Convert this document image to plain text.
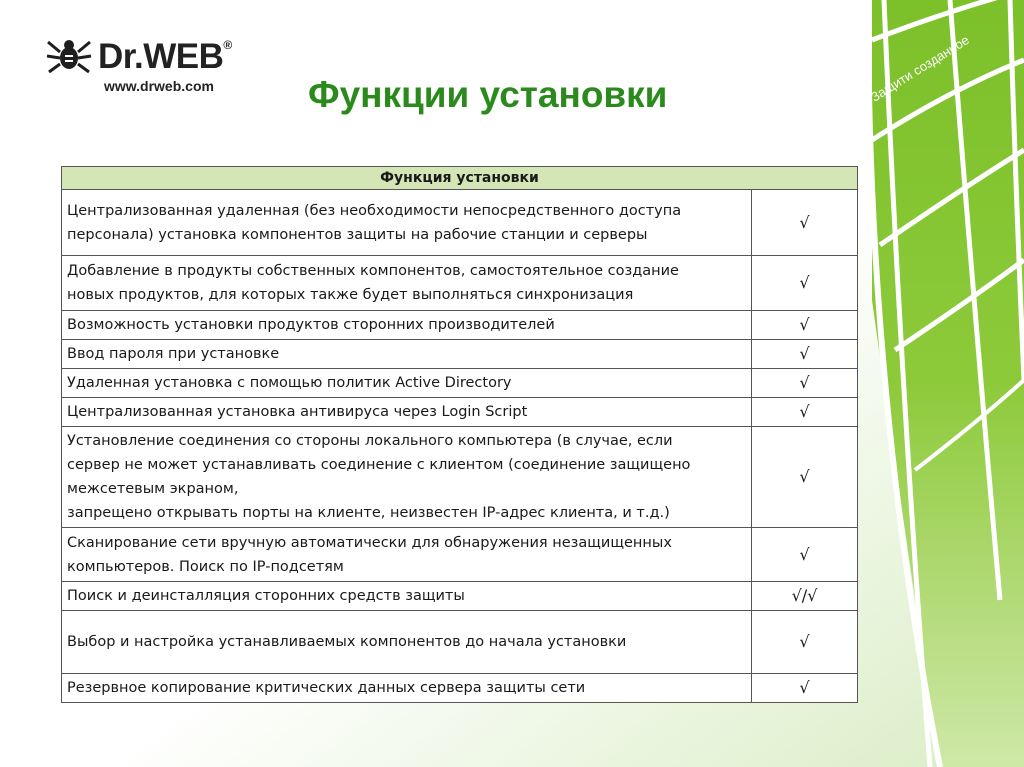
Dr.WEB®
www.drweb.com	Функции установки	Защити созданное
Функция установки	
Централизованная удаленная (без необходимости непосредственного доступа
персонала) установка компонентов защиты на рабочие станции и серверы	√
Добавление в продукты собственных компонентов, самостоятельное создание
новых продуктов, для которых также будет выполняться синхронизация	√
Возможность установки продуктов сторонних производителей	√
Ввод пароля при установке	√
Удаленная установка с помощью политик Active Directory	√
Централизованная установка антивируса через Login Script	√
Установление соединения со стороны локального компьютера (в случае, если
сервер не может устанавливать соединение с клиентом (соединение защищено
межсетевым экраном,
запрещено открывать порты на клиенте, неизвестен IP-адрес клиента, и т.д.)	√
Сканирование сети вручную автоматически для обнаружения незащищенных
компьютеров. Поиск по IP-подсетям	√
Поиск и деинсталляция сторонних средств защиты	√/√
Выбор и настройка устанавливаемых компонентов до начала установки	√
Резервное копирование критических данных сервера защиты сети	√
